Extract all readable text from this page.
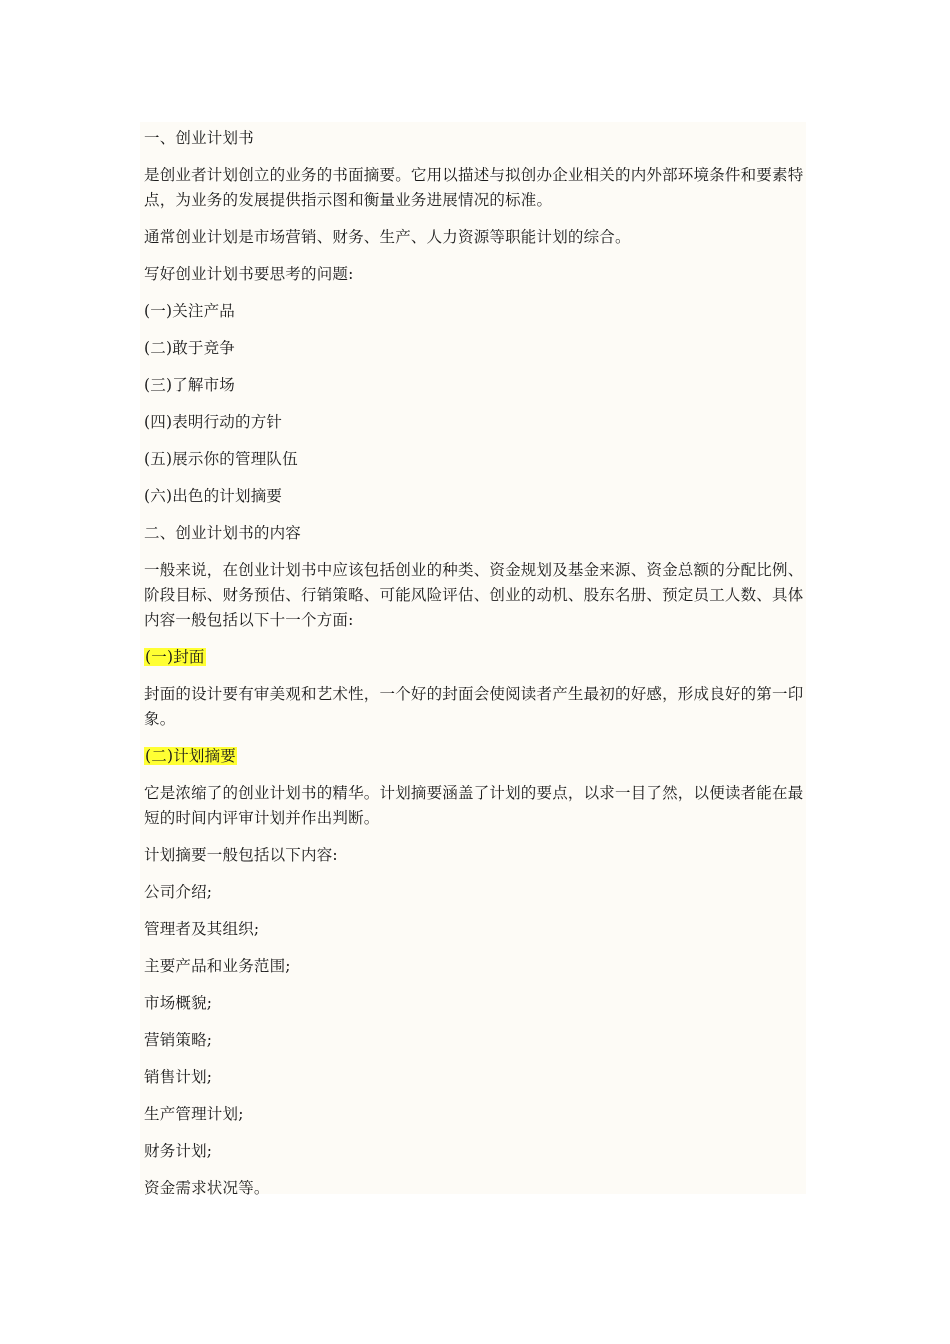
一、创业计划书

是创业者计划创立的业务的书面摘要。它用以描述与拟创办企业相关的内外部环境条件和要素特点，为业务的发展提供指示图和衡量业务进展情况的标准。

通常创业计划是市场营销、财务、生产、人力资源等职能计划的综合。

写好创业计划书要思考的问题:

(一)关注产品

(二)敢于竞争

(三)了解市场

(四)表明行动的方针

(五)展示你的管理队伍

(六)出色的计划摘要

二、创业计划书的内容

一般来说，在创业计划书中应该包括创业的种类、资金规划及基金来源、资金总额的分配比例、阶段目标、财务预估、行销策略、可能风险评估、创业的动机、股东名册、预定员工人数、具体内容一般包括以下十一个方面:

(一)封面

封面的设计要有审美观和艺术性，一个好的封面会使阅读者产生最初的好感，形成良好的第一印象。

(二)计划摘要

它是浓缩了的创业计划书的精华。计划摘要涵盖了计划的要点，以求一目了然，以便读者能在最短的时间内评审计划并作出判断。

计划摘要一般包括以下内容:

公司介绍;

管理者及其组织;

主要产品和业务范围;

市场概貌;

营销策略;

销售计划;

生产管理计划;

财务计划;

资金需求状况等。
